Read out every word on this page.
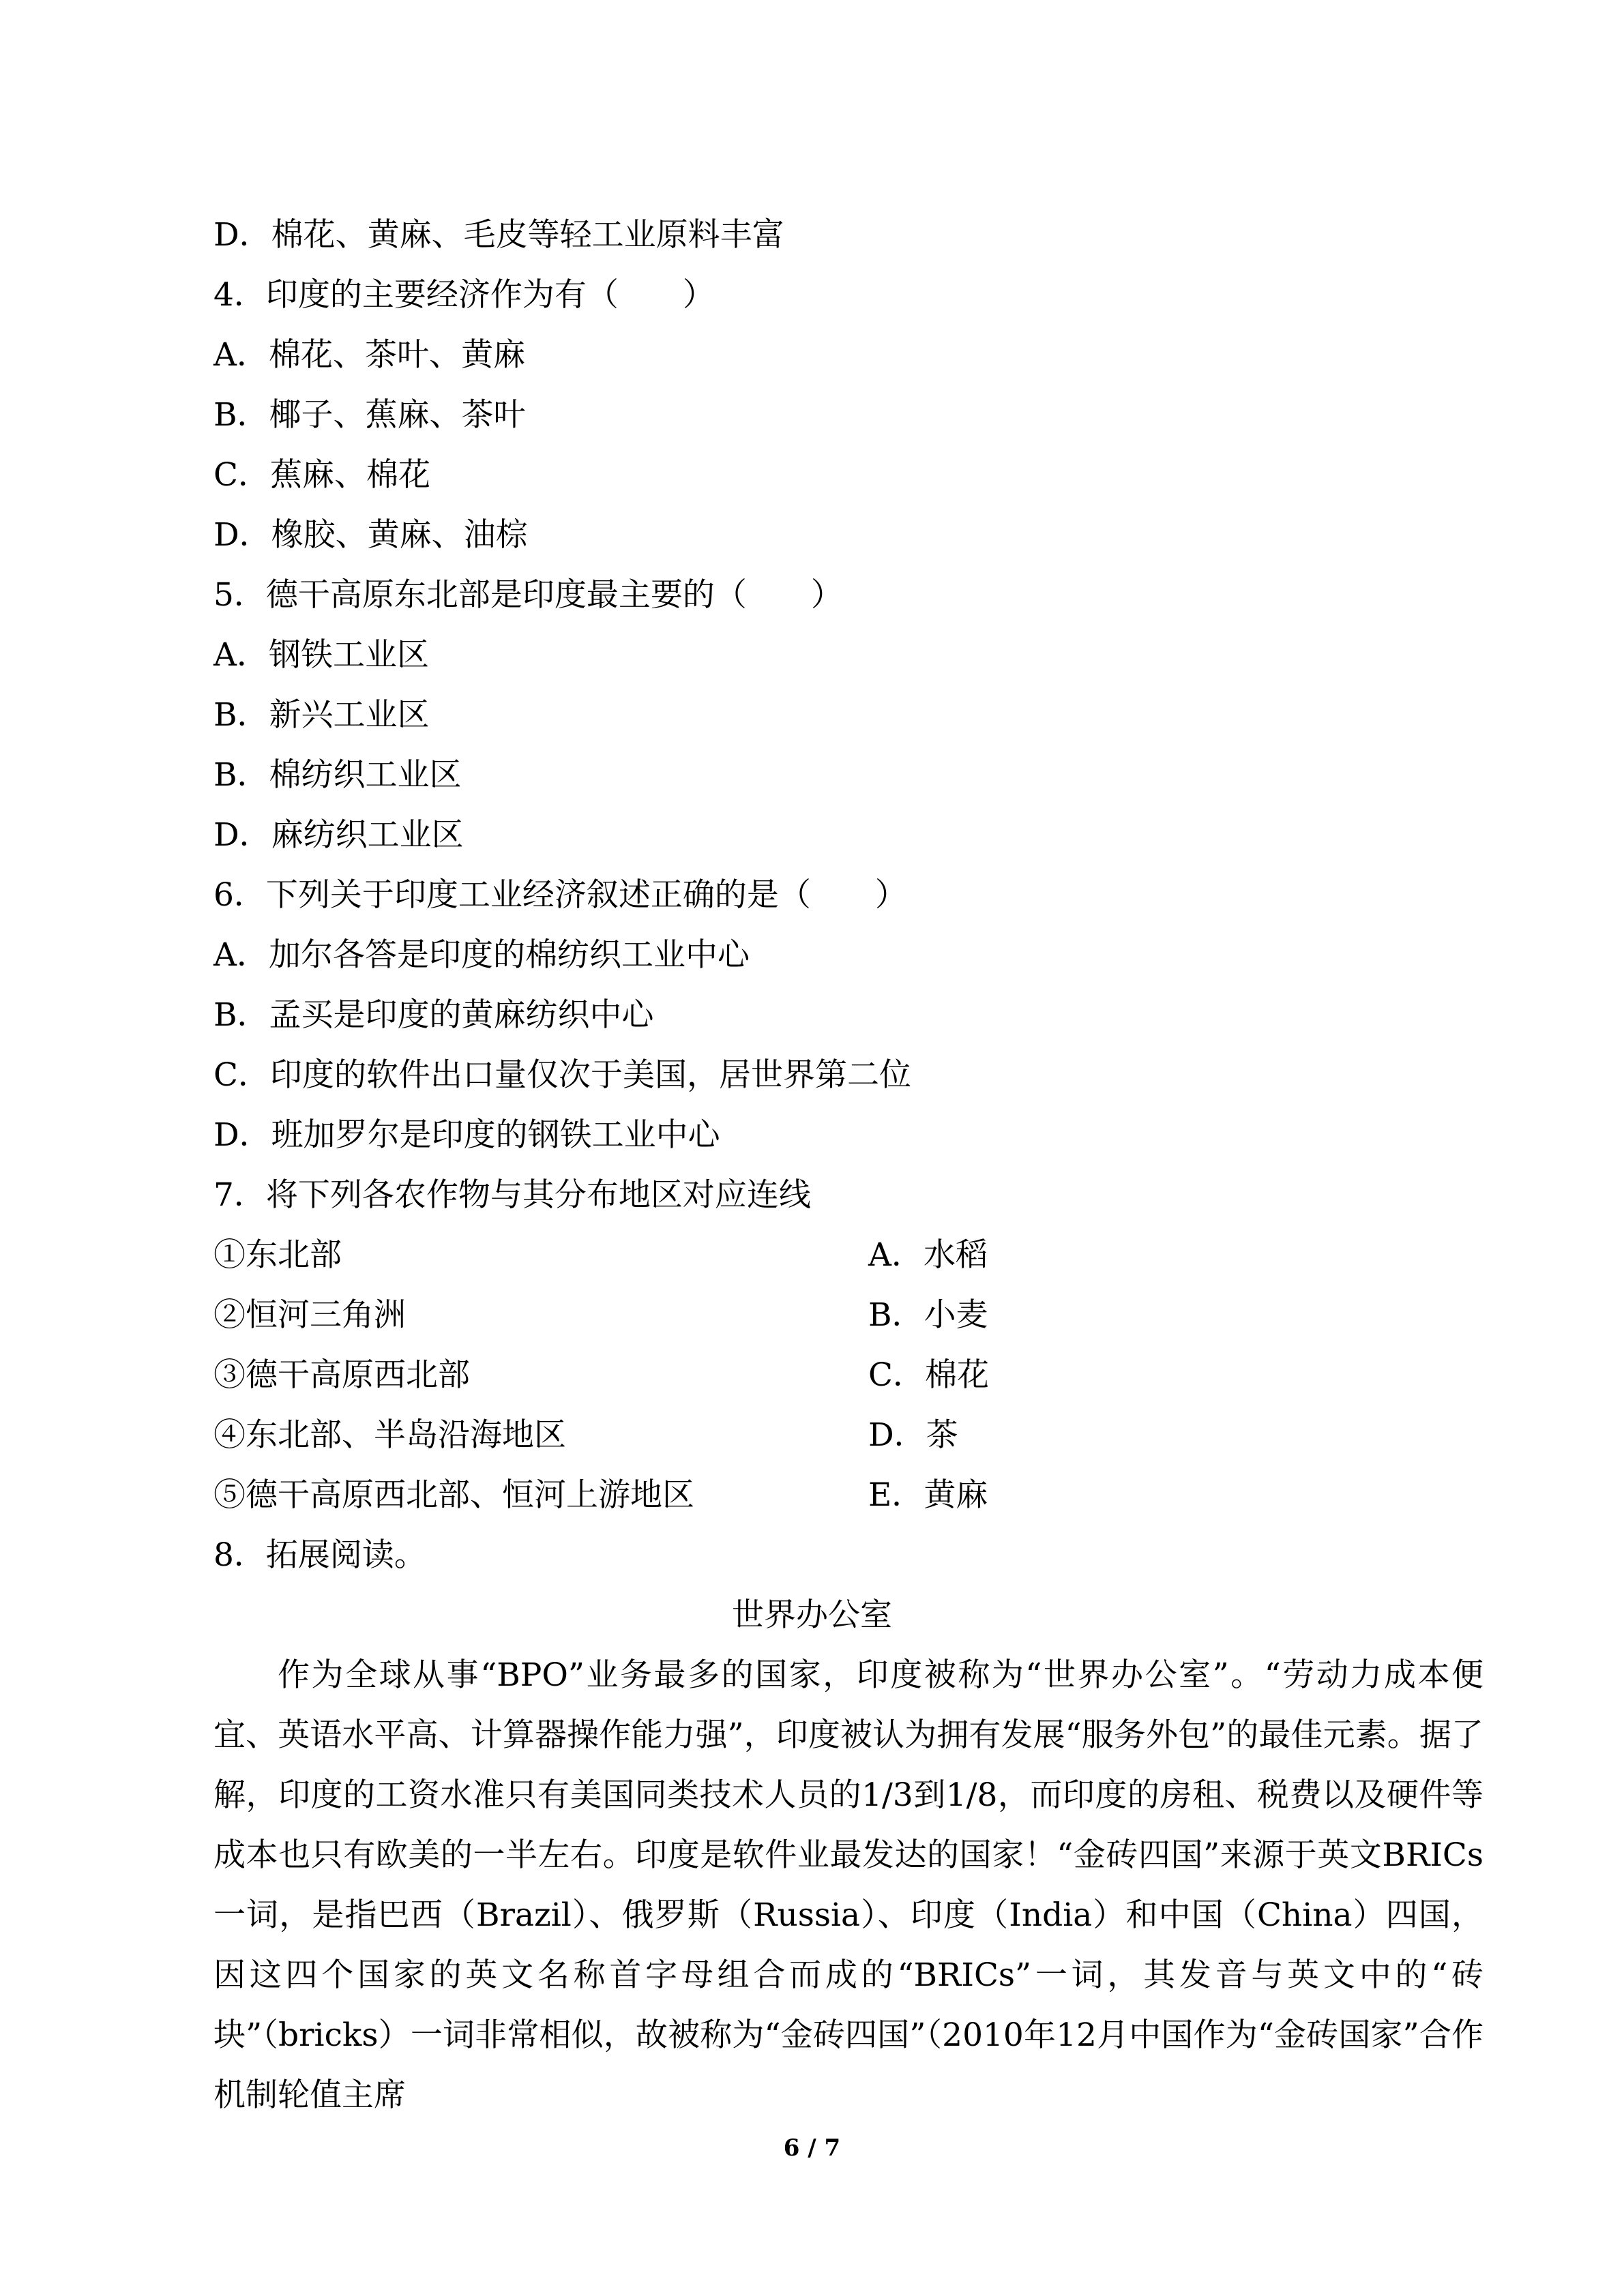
D．棉花、黄麻、毛皮等轻工业原料丰富
4．印度的主要经济作为有（　　）
A．棉花、茶叶、黄麻
B．椰子、蕉麻、茶叶
C．蕉麻、棉花
D．橡胶、黄麻、油棕
5．德干高原东北部是印度最主要的（　　）
A．钢铁工业区
B．新兴工业区
B．棉纺织工业区
D．麻纺织工业区
6．下列关于印度工业经济叙述正确的是（　　）
A．加尔各答是印度的棉纺织工业中心
B．孟买是印度的黄麻纺织中心
C．印度的软件出口量仅次于美国，居世界第二位
D．班加罗尔是印度的钢铁工业中心
7．将下列各农作物与其分布地区对应连线
①东北部	A．水稻
②恒河三角洲	B．小麦
③德干高原西北部	C．棉花
④东北部、半岛沿海地区	D．茶
⑤德干高原西北部、恒河上游地区	E．黄麻
8．拓展阅读。
世界办公室

作为全球从事“BPO”业务最多的国家，印度被称为“世界办公室”。“劳动力成本便宜、英语水平高、计算器操作能力强”，印度被认为拥有发展“服务外包”的最佳元素。据了解，印度的工资水准只有美国同类技术人员的1/3到1/8，而印度的房租、税费以及硬件等成本也只有欧美的一半左右。印度是软件业最发达的国家！“金砖四国”来源于英文BRICs一词，是指巴西（Brazil）、俄罗斯（Russia）、印度（India）和中国（China）四国，因这四个国家的英文名称首字母组合而成的“BRICs”一词，其发音与英文中的“砖块”（bricks）一词非常相似，故被称为“金砖四国”（2010年12月中国作为“金砖国家”合作机制轮值主席

6 / 7
